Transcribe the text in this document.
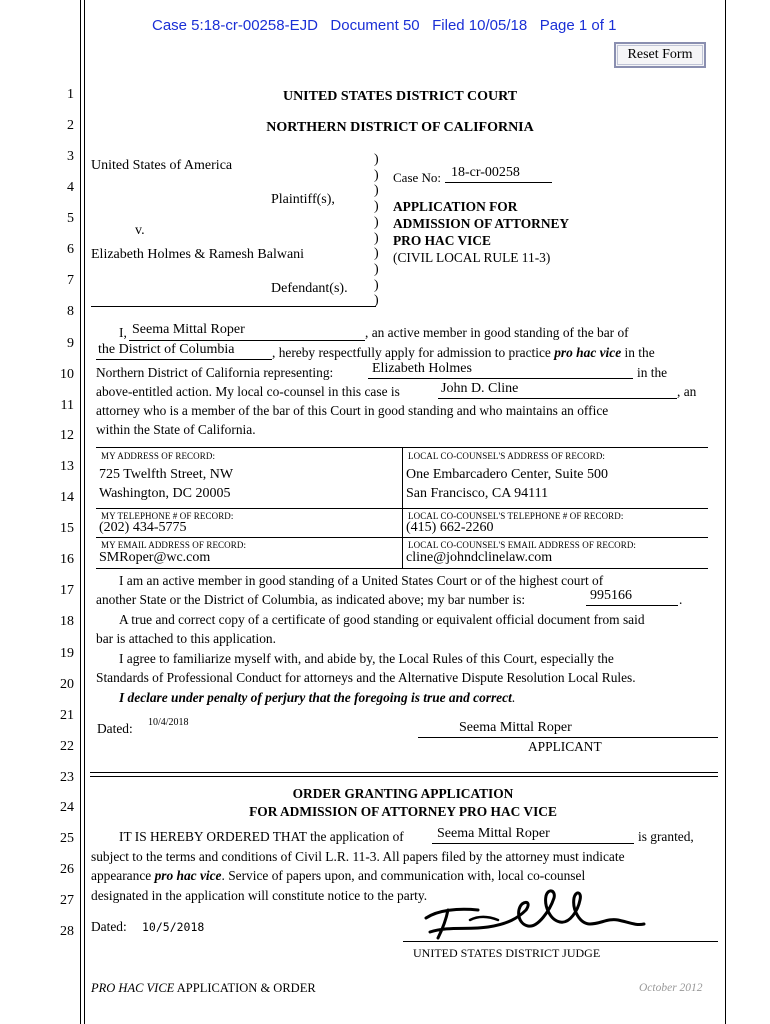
Case 5:18-cr-00258-EJD   Document 50   Filed 10/05/18   Page 1 of 1
Reset Form
1
2
3
4
5
6
7
8
9
10
11
12
13
14
15
16
17
18
19
20
21
22
23
24
25
26
27
28
UNITED STATES DISTRICT COURT
NORTHERN DISTRICT OF CALIFORNIA
United States of America
Plaintiff(s),
v.
Elizabeth Holmes & Ramesh Balwani
Defendant(s).
)
)
)
)
)
)
)
)
)
)
Case No: 18-cr-00258
APPLICATION FOR
ADMISSION OF ATTORNEY
PRO HAC VICE
(CIVIL LOCAL RULE 11-3)
I, Seema Mittal Roper	, an active member in good standing of the bar of
the District of Columbia	, hereby respectfully apply for admission to practice pro hac vice in the
Northern District of California representing:	Elizabeth Holmes	in the
above-entitled action. My local co-counsel in this case is	John D. Cline	, an
attorney who is a member of the bar of this Court in good standing and who maintains an office
within the State of California.
MY ADDRESS OF RECORD:
725 Twelfth Street, NW
Washington, DC 20005
LOCAL CO-COUNSEL'S ADDRESS OF RECORD:
One Embarcadero Center, Suite 500
San Francisco, CA 94111
MY TELEPHONE # OF RECORD:
(202) 434-5775
LOCAL CO-COUNSEL'S TELEPHONE # OF RECORD:
(415) 662-2260
MY EMAIL ADDRESS OF RECORD:
SMRoper@wc.com
LOCAL CO-COUNSEL'S EMAIL ADDRESS OF RECORD:
cline@johndclinelaw.com
I am an active member in good standing of a United States Court or of the highest court of
another State or the District of Columbia, as indicated above; my bar number is:	995166	.
A true and correct copy of a certificate of good standing or equivalent official document from said
bar is attached to this application.
I agree to familiarize myself with, and abide by, the Local Rules of this Court, especially the
Standards of Professional Conduct for attorneys and the Alternative Dispute Resolution Local Rules.
I declare under penalty of perjury that the foregoing is true and correct.
Dated: 10/4/2018	Seema Mittal Roper
APPLICANT
ORDER GRANTING APPLICATION
FOR ADMISSION OF ATTORNEY PRO HAC VICE
IT IS HEREBY ORDERED THAT the application of Seema Mittal Roper	is granted,
subject to the terms and conditions of Civil L.R. 11-3. All papers filed by the attorney must indicate
appearance pro hac vice. Service of papers upon, and communication with, local co-counsel
designated in the application will constitute notice to the party.
Dated: 10/5/2018
UNITED STATES DISTRICT JUDGE
PRO HAC VICE APPLICATION & ORDER	October 2012
